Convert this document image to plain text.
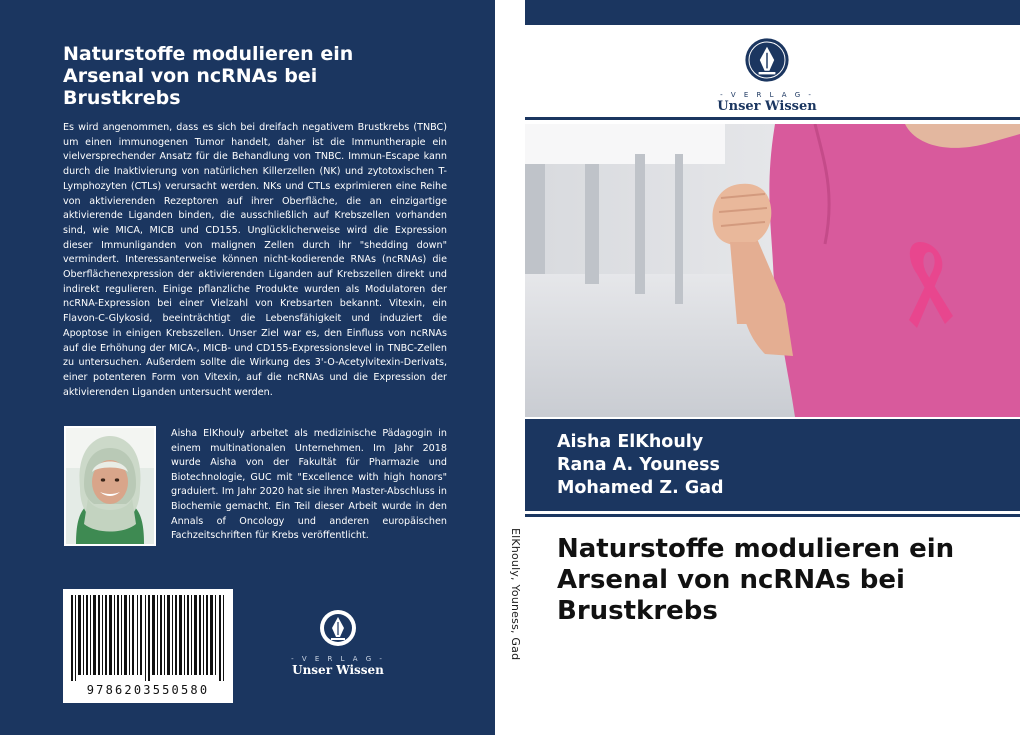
Naturstoffe modulieren ein Arsenal von ncRNAs bei Brustkrebs
Es wird angenommen, dass es sich bei dreifach negativem Brustkrebs (TNBC) um einen immunogenen Tumor handelt, daher ist die Immuntherapie ein vielversprechender Ansatz für die Behandlung von TNBC. Immun-Escape kann durch die Inaktivierung von natürlichen Killerzellen (NK) und zytotoxischen T-Lymphozyten (CTLs) verursacht werden. NKs und CTLs exprimieren eine Reihe von aktivierenden Rezeptoren auf ihrer Oberfläche, die an einzigartige aktivierende Liganden binden, die ausschließlich auf Krebszellen vorhanden sind, wie MICA, MICB und CD155. Unglücklicherweise wird die Expression dieser Immunliganden von malignen Zellen durch ihr "shedding down" vermindert. Interessanterweise können nicht-kodierende RNAs (ncRNAs) die Oberflächenexpression der aktivierenden Liganden auf Krebszellen direkt und indirekt regulieren. Einige pflanzliche Produkte wurden als Modulatoren der ncRNA-Expression bei einer Vielzahl von Krebsarten bekannt. Vitexin, ein Flavon-C-Glykosid, beeinträchtigt die Lebensfähigkeit und induziert die Apoptose in einigen Krebszellen. Unser Ziel war es, den Einfluss von ncRNAs auf die Erhöhung der MICA-, MICB- und CD155-Expressionslevel in TNBC-Zellen zu untersuchen. Außerdem sollte die Wirkung des 3'-O-Acetylvitexin-Derivats, einer potenteren Form von Vitexin, auf die ncRNAs und die Expression der aktivierenden Liganden untersucht werden.
Aisha ElKhouly arbeitet als medizinische Pädagogin in einem multinationalen Unternehmen. Im Jahr 2018 wurde Aisha von der Fakultät für Pharmazie und Biotechnologie, GUC mit "Excellence with high honors" graduiert. Im Jahr 2020 hat sie ihren Master-Abschluss in Biochemie gemacht. Ein Teil dieser Arbeit wurde in den Annals of Oncology und anderen europäischen Fachzeitschriften für Krebs veröffentlicht.
9786203550580
- V E R L A G -
Unser Wissen
ElKhouly, Youness, Gad
- V E R L A G -
Unser Wissen
Aisha ElKhouly
Rana A. Youness
Mohamed Z. Gad
Naturstoffe modulieren ein Arsenal von ncRNAs bei Brustkrebs
